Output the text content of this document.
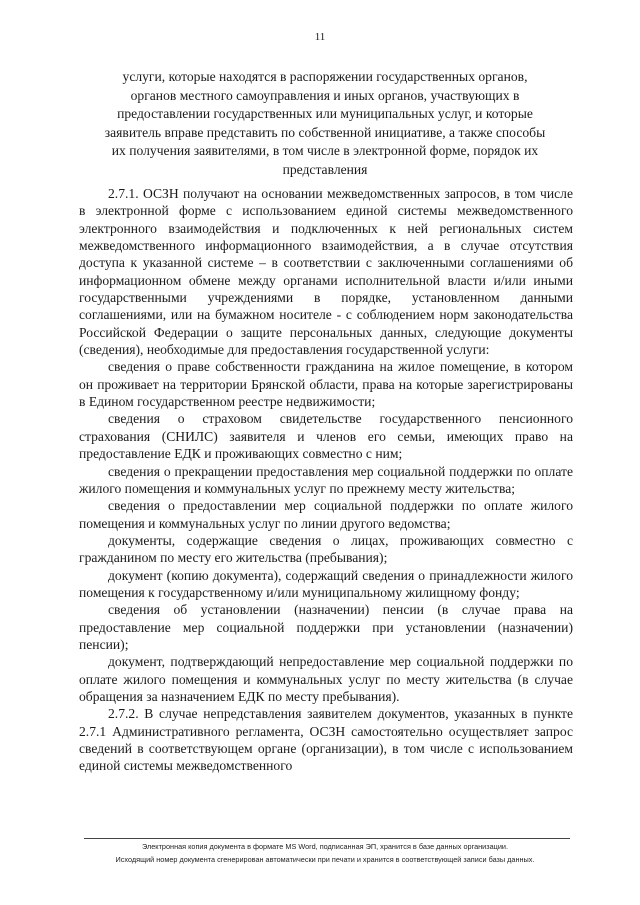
11
услуги, которые находятся в распоряжении государственных органов,
органов местного самоуправления и иных органов, участвующих в
предоставлении государственных или муниципальных услуг, и которые
заявитель вправе представить по собственной инициативе, а также способы
их получения заявителями, в том числе в электронной форме, порядок их
представления

2.7.1. ОСЗН получают на основании межведомственных запросов, в том числе в электронной форме с использованием единой системы межведомственного электронного взаимодействия и подключенных к ней региональных систем межведомственного информационного взаимодействия, а в случае отсутствия доступа к указанной системе – в соответствии с заключенными соглашениями об информационном обмене между органами исполнительной власти и/или иными государственными учреждениями в порядке, установленном данными соглашениями, или на бумажном носителе - с соблюдением норм законодательства Российской Федерации о защите персональных данных, следующие документы (сведения), необходимые для предоставления государственной услуги:

сведения о праве собственности гражданина на жилое помещение, в котором он проживает на территории Брянской области, права на которые зарегистрированы в Едином государственном реестре недвижимости;

сведения о страховом свидетельстве государственного пенсионного страхования (СНИЛС) заявителя и членов его семьи, имеющих право на предоставление ЕДК и проживающих совместно с ним;

сведения о прекращении предоставления мер социальной поддержки по оплате жилого помещения и коммунальных услуг по прежнему месту жительства;

сведения о предоставлении мер социальной поддержки по оплате жилого помещения и коммунальных услуг по линии другого ведомства;

документы, содержащие сведения о лицах, проживающих совместно с гражданином по месту его жительства (пребывания);

документ (копию документа), содержащий сведения о принадлежности жилого помещения к государственному и/или муниципальному жилищному фонду;

сведения об установлении (назначении) пенсии (в случае права на предоставление мер социальной поддержки при установлении (назначении) пенсии);

документ, подтверждающий непредоставление мер социальной поддержки по оплате жилого помещения и коммунальных услуг по месту жительства (в случае обращения за назначением ЕДК по месту пребывания).

2.7.2. В случае непредставления заявителем документов, указанных в пункте 2.7.1 Административного регламента, ОСЗН самостоятельно осуществляет запрос сведений в соответствующем органе (организации), в том числе с использованием единой системы межведомственного

Электронная копия документа в формате MS Word, подписанная ЭП, хранится в базе данных организации.
Исходящий номер документа сгенерирован автоматически при печати и хранится в соответствующей записи базы данных.
